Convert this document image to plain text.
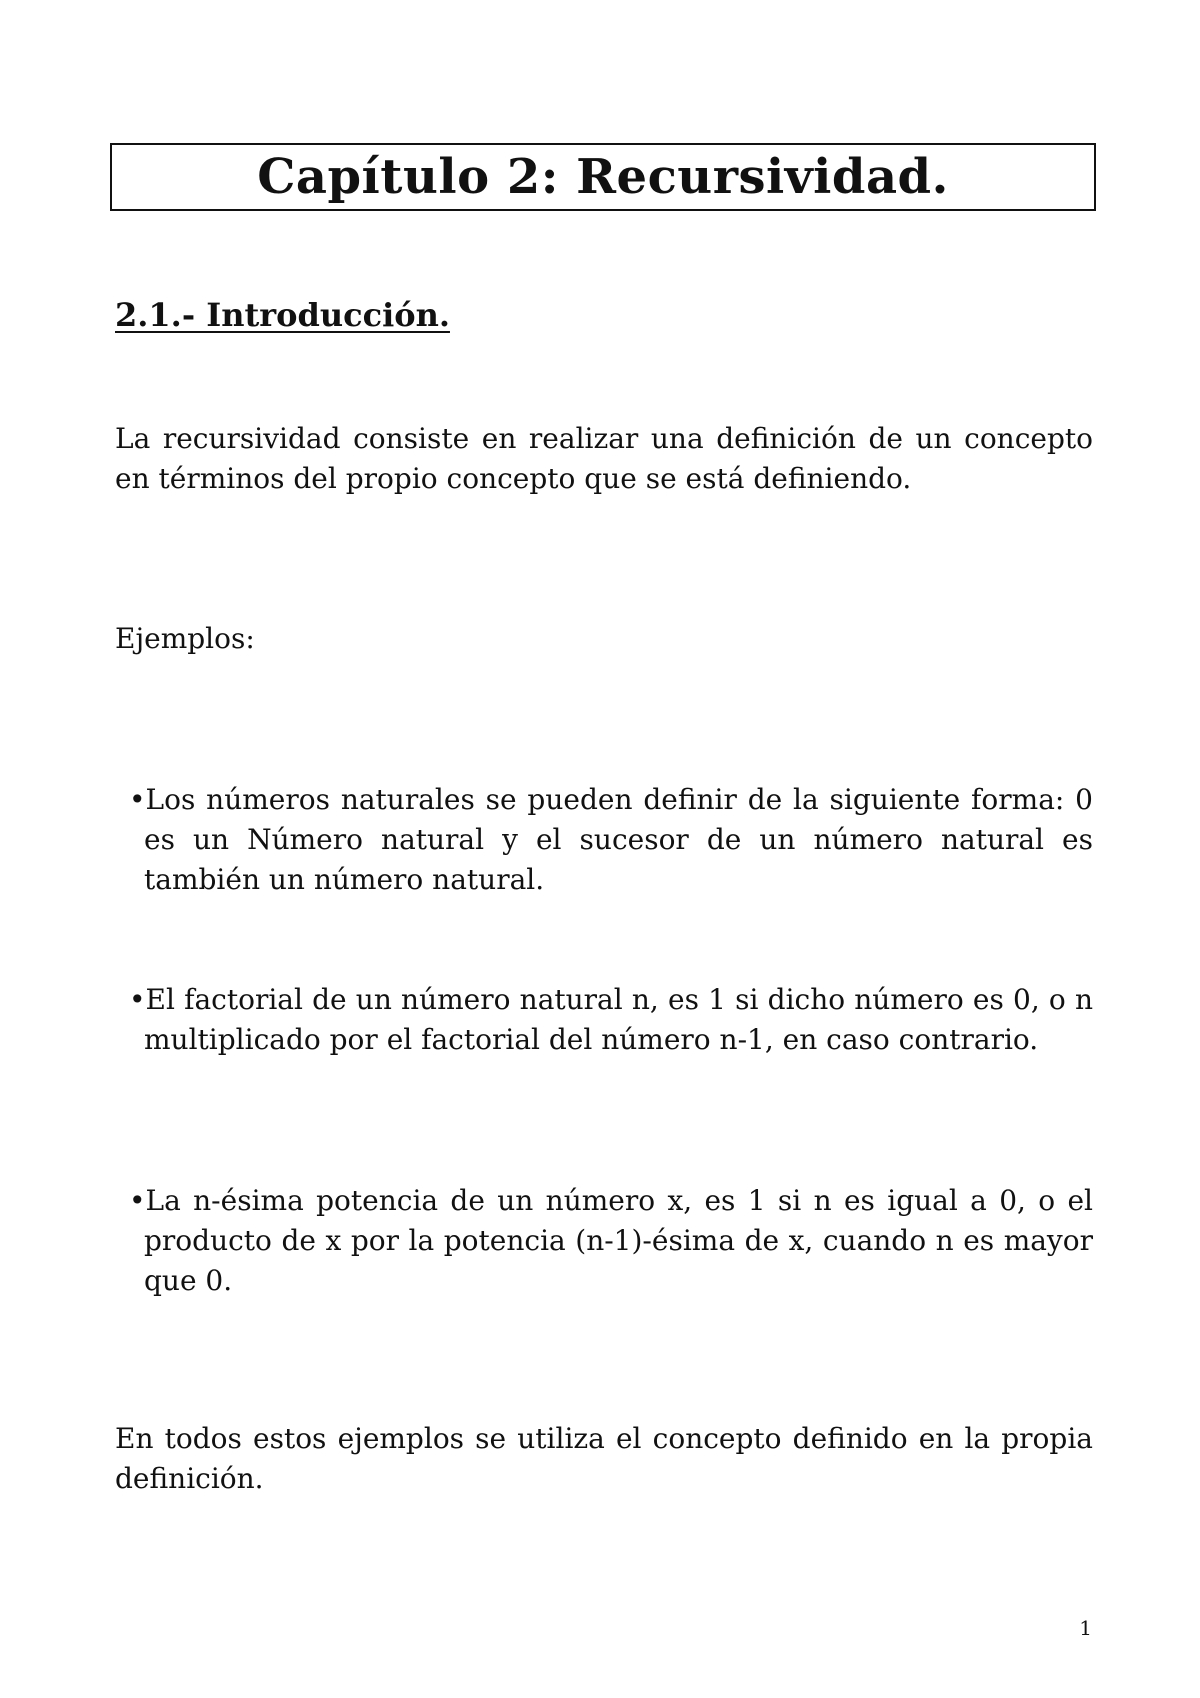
Capítulo 2: Recursividad.
2.1.- Introducción.
La recursividad consiste en realizar una definición de un concepto en términos del propio concepto que se está definiendo.
Ejemplos:
•Los números naturales se pueden definir de la siguiente forma: 0 es un Número natural y el sucesor de un número natural es también un número natural.
•El factorial de un número natural n, es 1 si dicho número es 0, o n multiplicado por el factorial del número n-1, en caso contrario.
•La n-ésima potencia de un número x, es 1 si n es igual a 0, o el producto de x por la potencia (n-1)-ésima de x, cuando n es mayor que 0.
En todos estos ejemplos se utiliza el concepto definido en la propia definición.
1
